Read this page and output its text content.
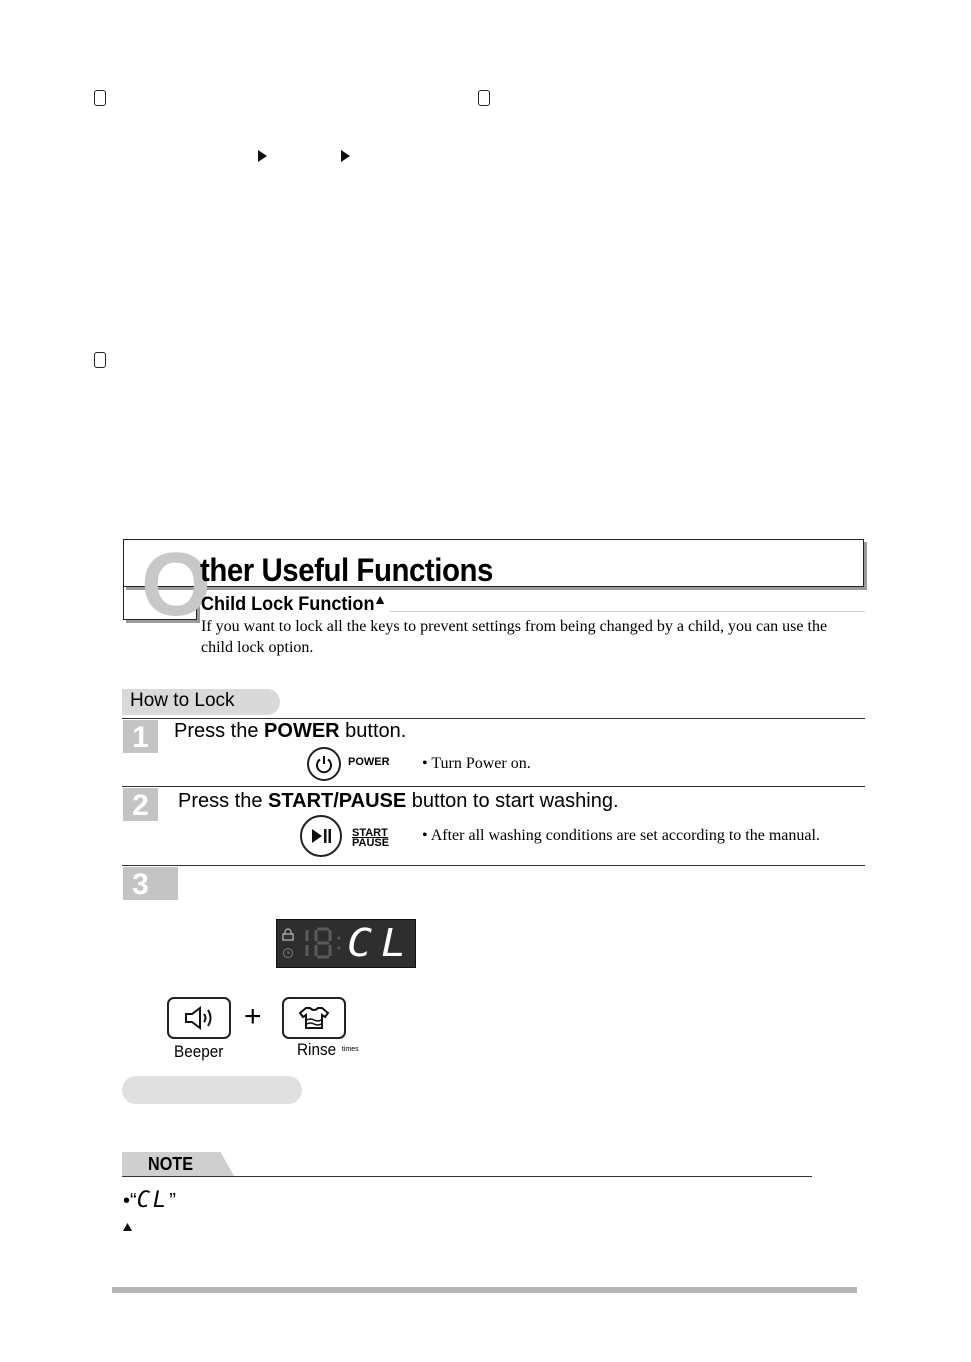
O
ther Useful Functions
Child Lock Function
If you want to lock all the keys to prevent settings from being changed by a child, you can use the child lock option.
How to Lock
1	Press the POWER button.
POWER • Turn Power on.
2	Press the START/PAUSE button to start washing.
START
PAUSE • After all washing conditions are set according to the manual.
3
CL
+
Beeper	Rinse $^{times}$
NOTE
•“CL”
